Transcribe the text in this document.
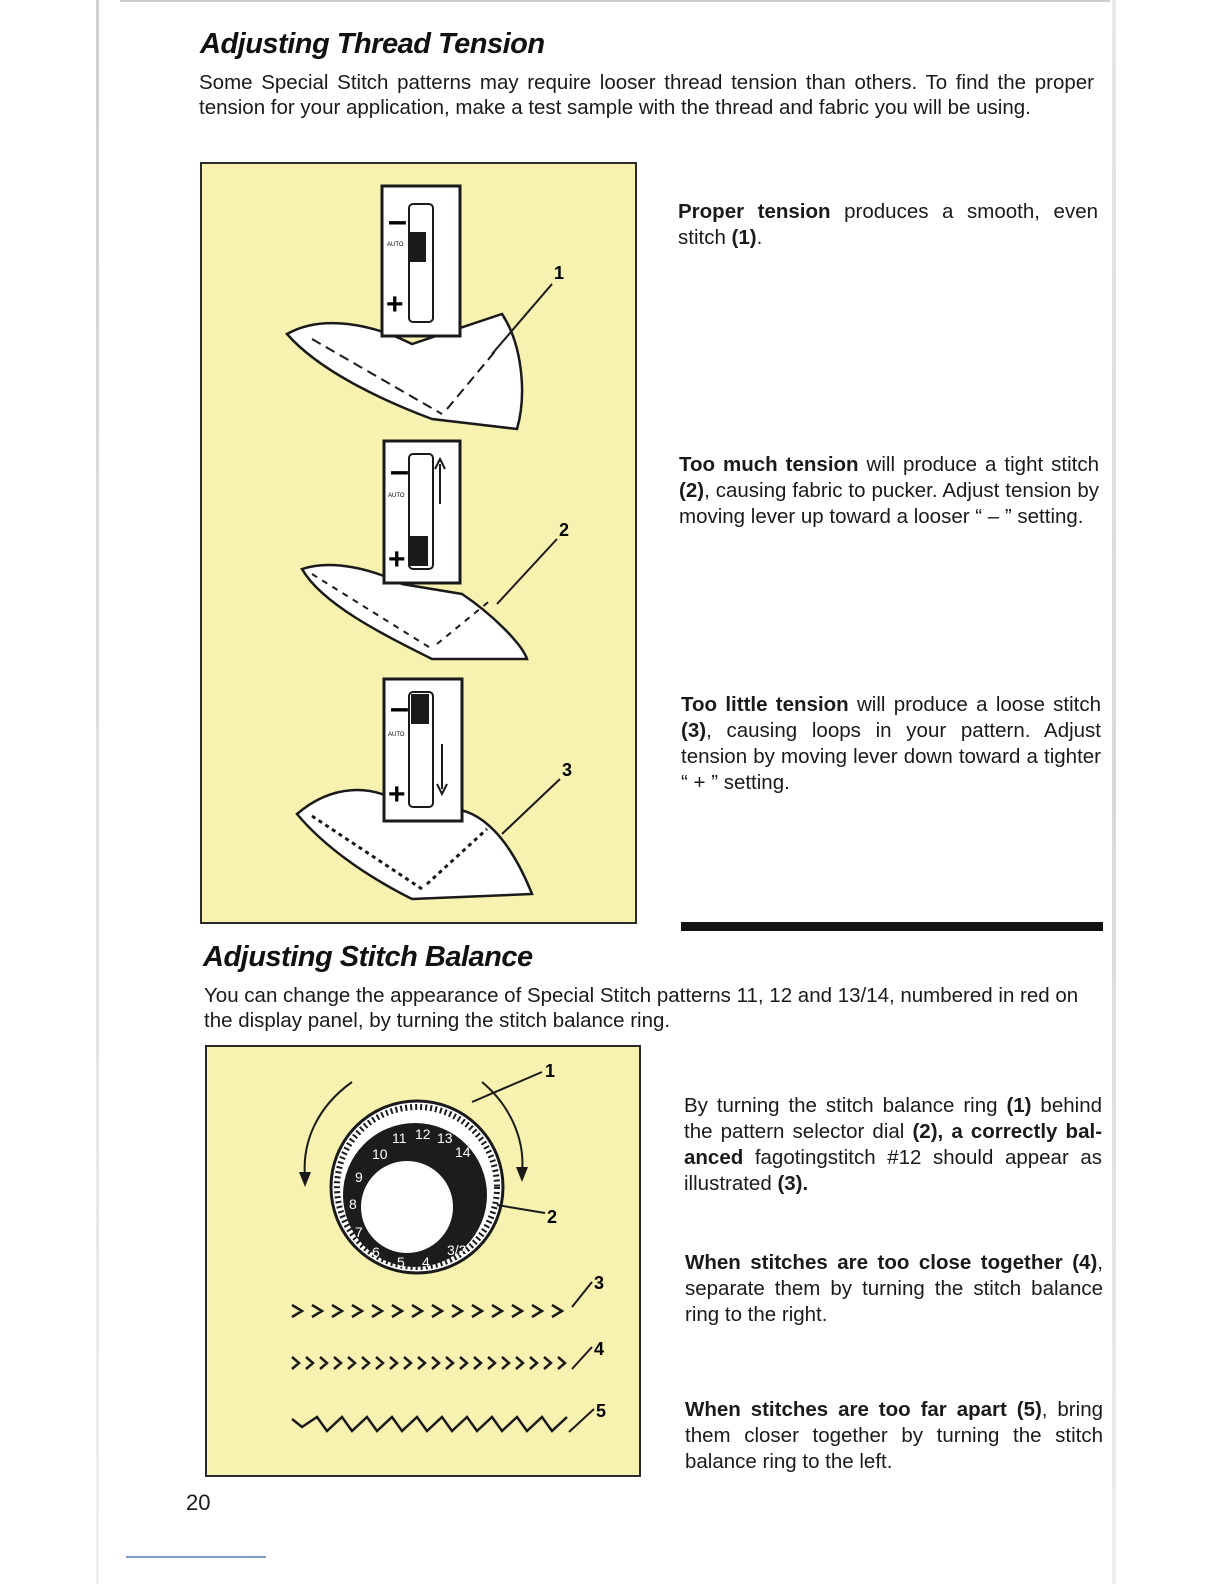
Adjusting Thread Tension

Some Special Stitch patterns may require looser thread tension than others. To find the proper tension for your application, make a test sample with the thread and fabric you will be using.

–
+
AUTO
1
–
+
AUTO
2
–
+
AUTO
3

Proper tension produces a smooth, even stitch (1).

Too much tension will produce a tight stitch (2), causing fabric to pucker. Adjust tension by moving lever up toward a looser “ – ” setting.

Too little tension will produce a loose stitch (3), causing loops in your pattern. Adjust tension by moving lever down toward a tighter “ + ” setting.

Adjusting Stitch Balance

You can change the appearance of Special Stitch patterns 11, 12 and 13/14, numbered in red on the display panel, by turning the stitch balance ring.

10
11 12 13
14
9
8
7
6
5 4
3/2
1
2
3
4
5

By turning the stitch balance ring (1) behind the pattern selector dial (2), a correctly balanced fagotingstitch #12 should appear as illustrated (3).

When stitches are too close together (4), separate them by turning the stitch balance ring to the right.

When stitches are too far apart (5), bring them closer together by turning the stitch balance ring to the left.

20
